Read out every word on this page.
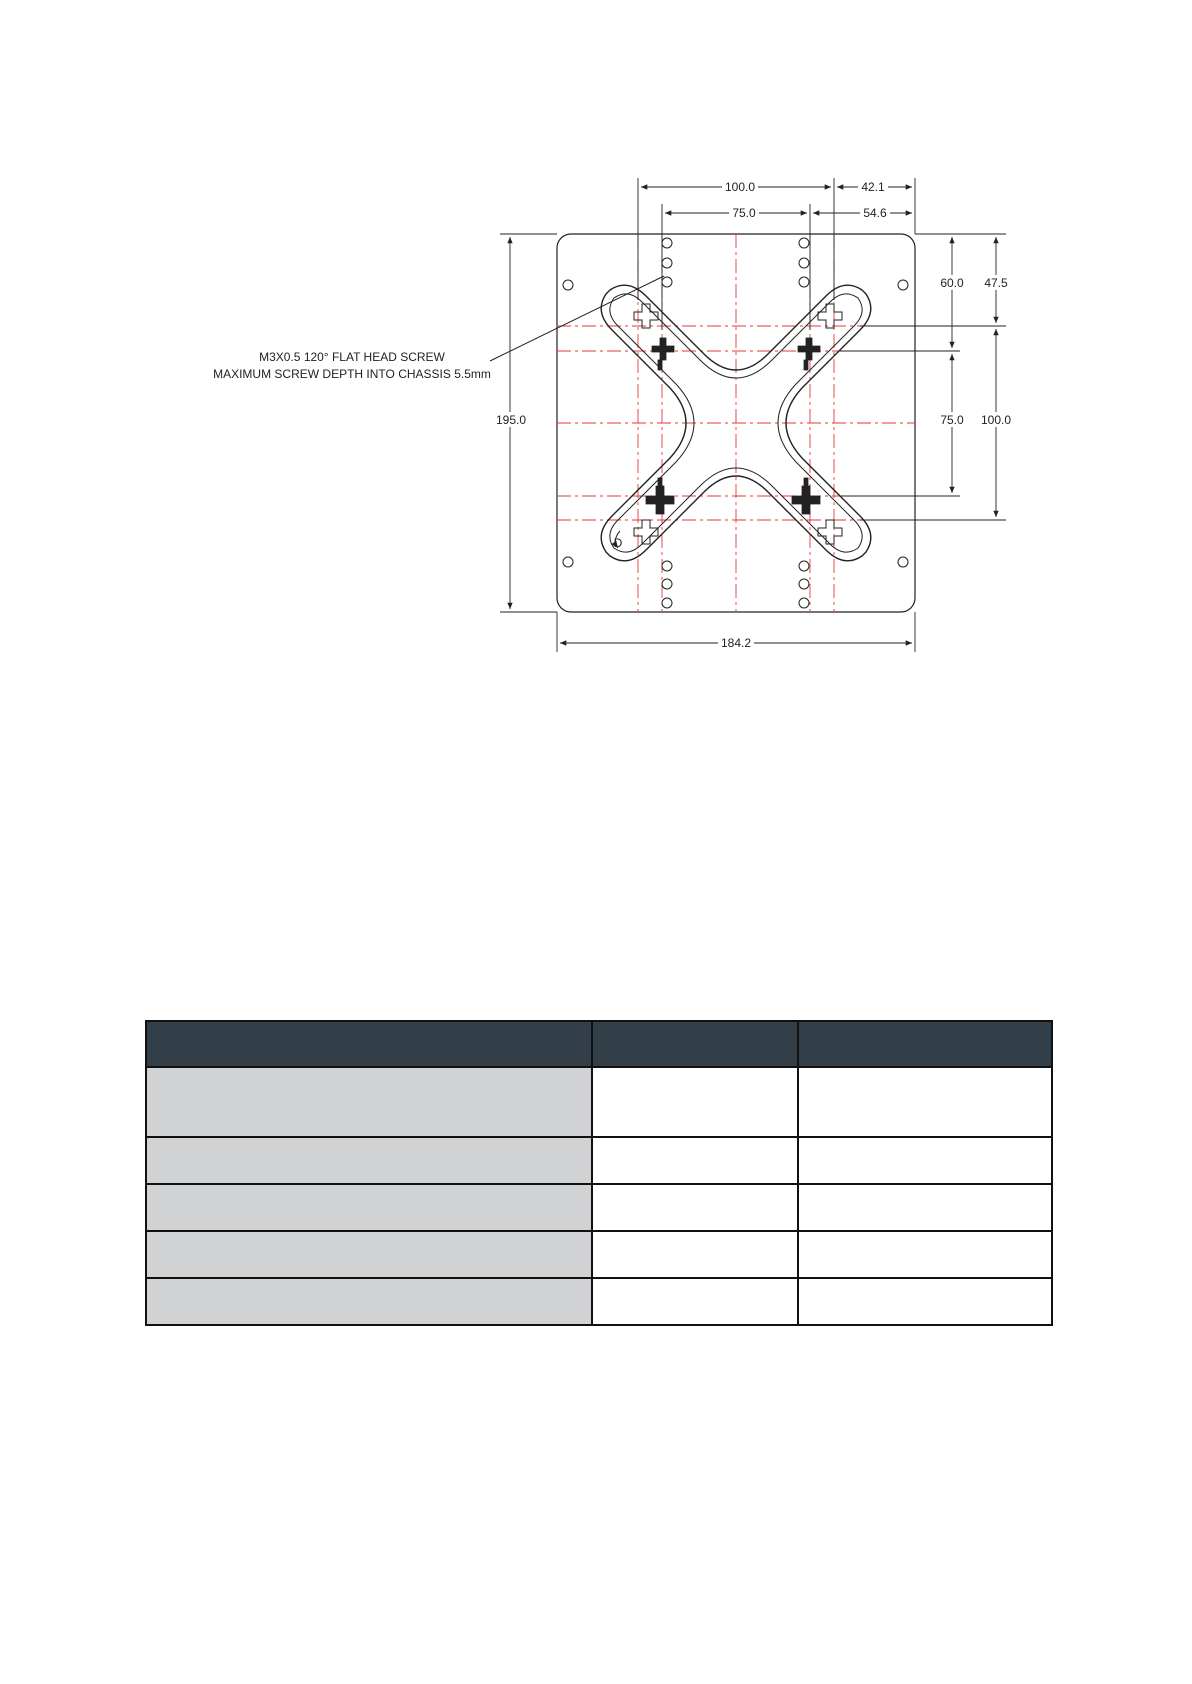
D
M3X0.5 120° FLAT HEAD SCREW
MAXIMUM SCREW DEPTH INTO CHASSIS 5.5mm
100.0	42.1
75.0	54.6
60.0 47.5
75.0 100.0
195.0
184.2
